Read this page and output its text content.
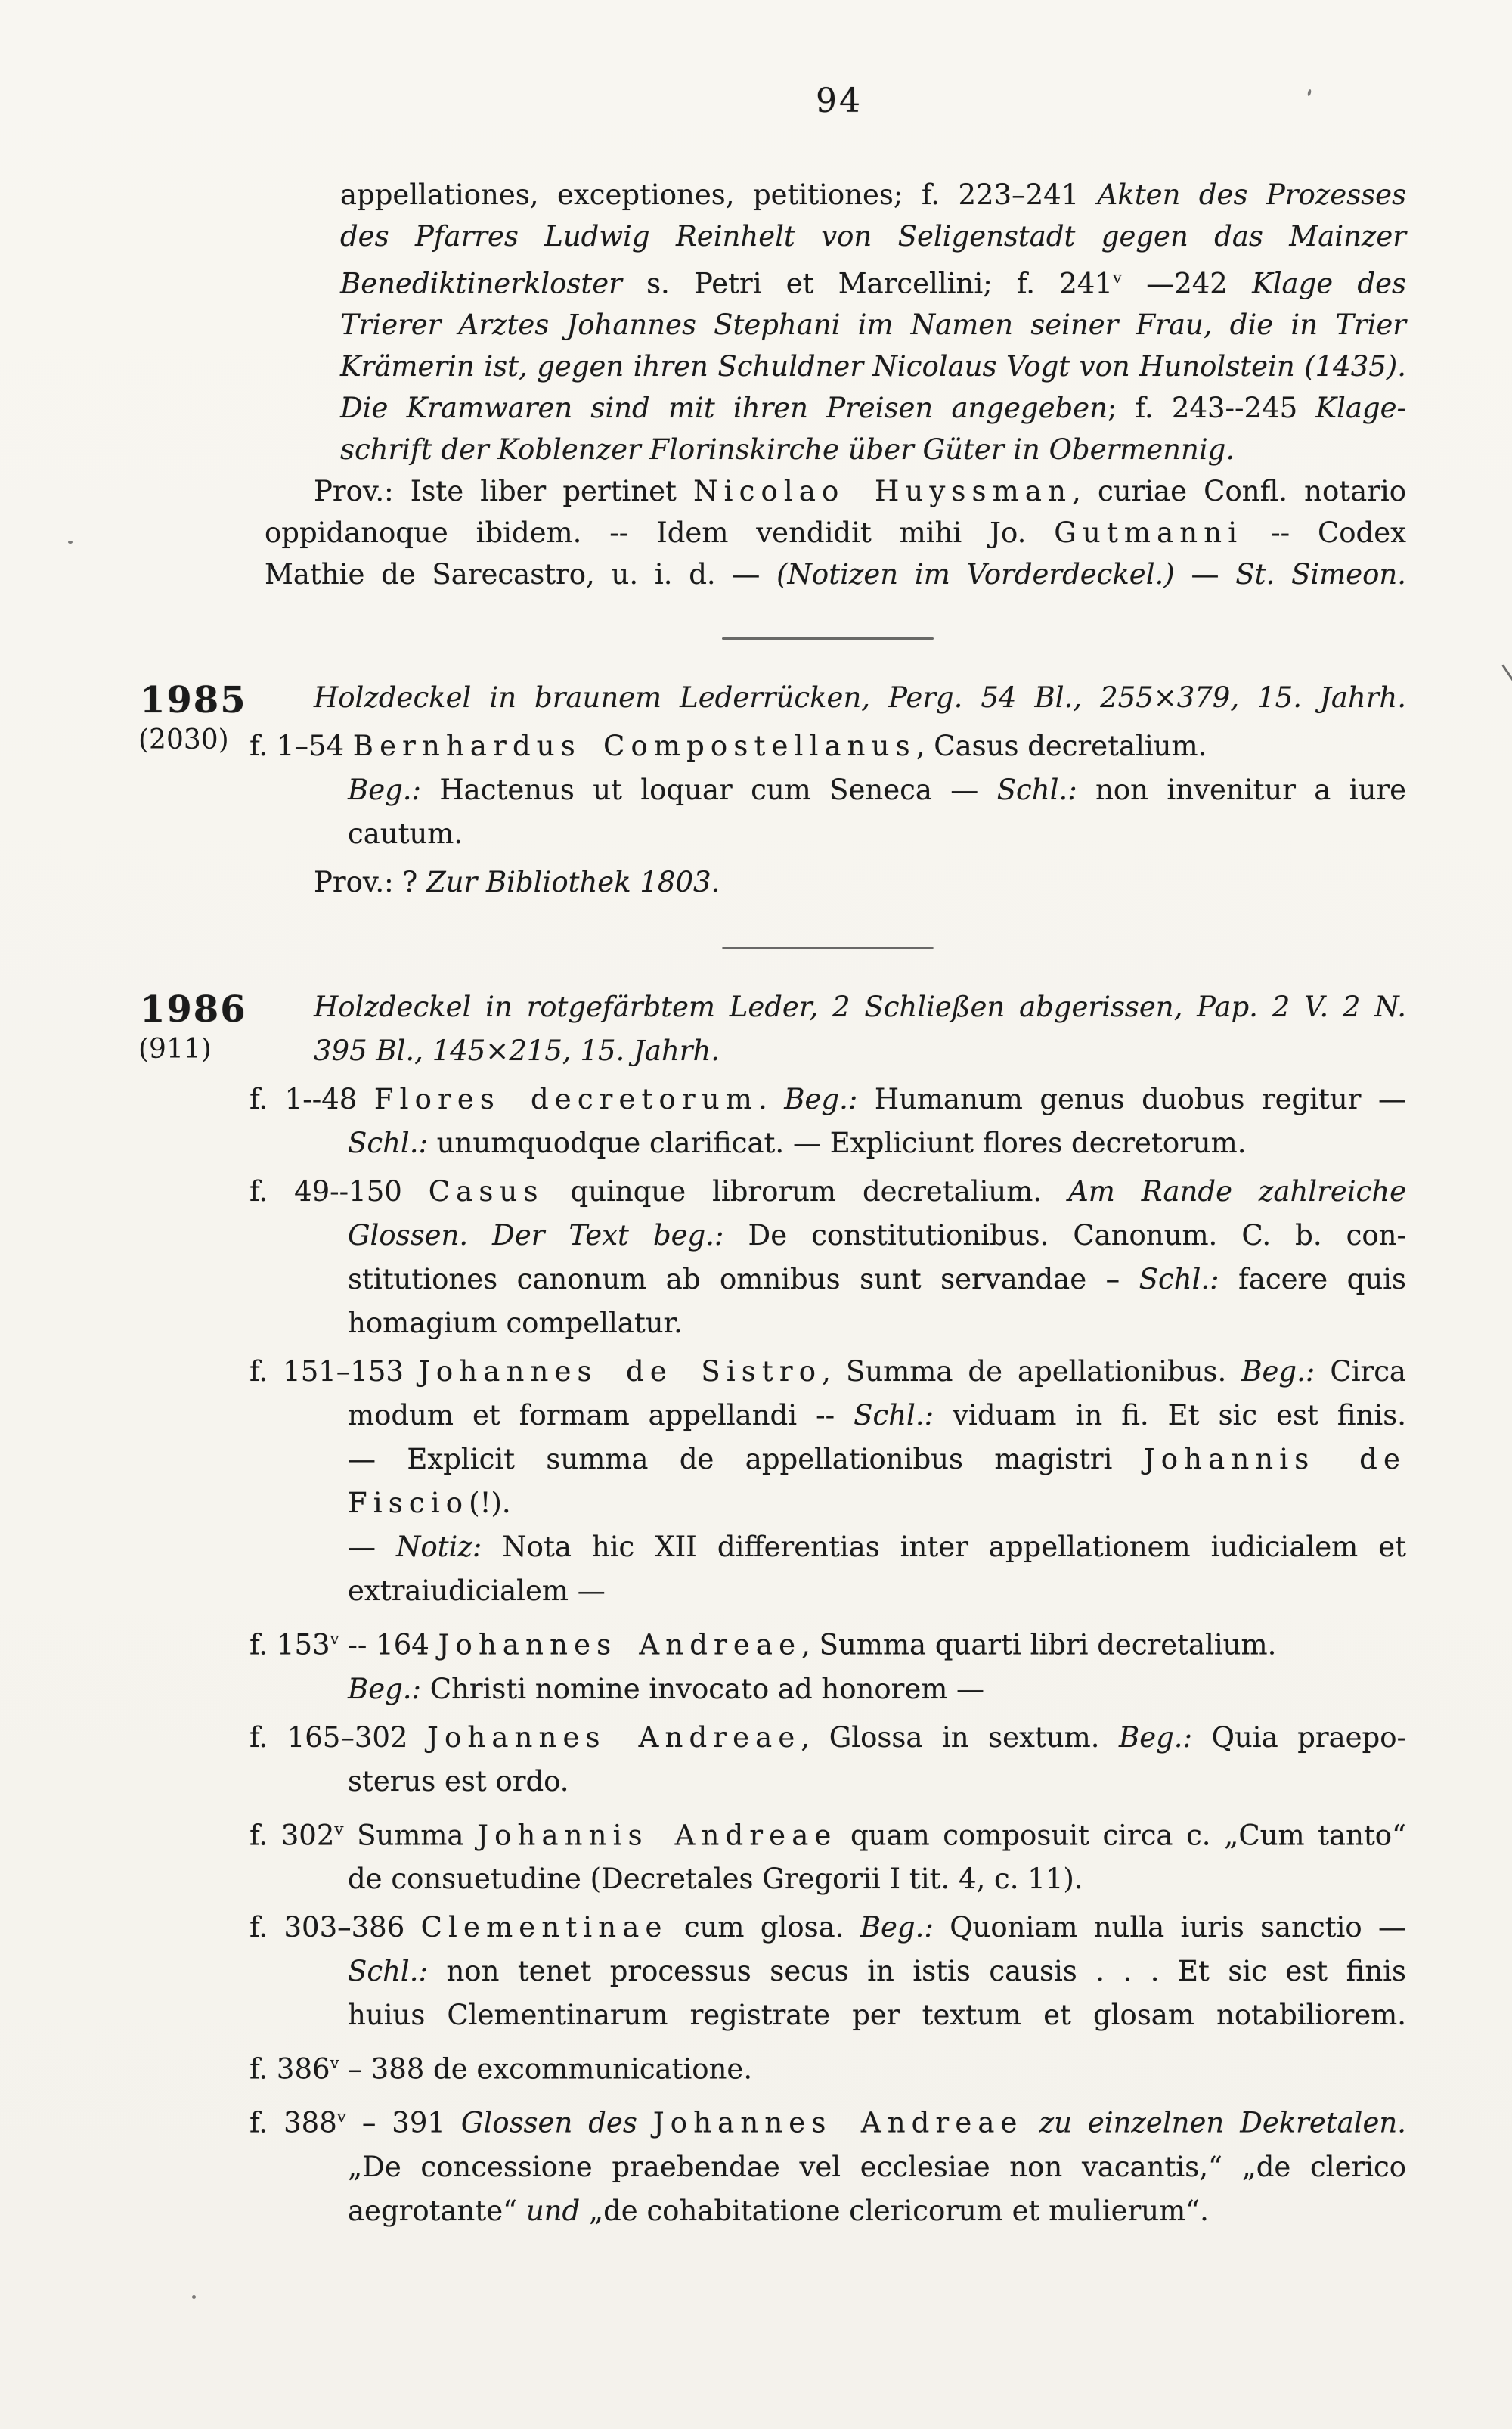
94
appellationes, exceptiones, petitiones; f. 223–241 Akten des Prozesses
des Pfarres Ludwig Reinhelt von Seligenstadt gegen das Mainzer
Benediktinerkloster s. Petri et Marcellini; f. 241$^v$ —242 Klage des
Trierer Arztes Johannes Stephani im Namen seiner Frau, die in Trier
Krämerin ist, gegen ihren Schuldner Nicolaus Vogt von Hunolstein (1435).
Die Kramwaren sind mit ihren Preisen angegeben; f. 243--245 Klage-
schrift der Koblenzer Florinskirche über Güter in Obermennig.
Prov.: Iste liber pertinet Nicolao Huyssman, curiae Confl. notario
oppidanoque ibidem. -- Idem vendidit mihi Jo. Gutmanni -- Codex
Mathie de Sarecastro, u. i. d. — (Notizen im Vorderdeckel.) — St. Simeon.
1985
(2030)
Holzdeckel in braunem Lederrücken, Perg. 54 Bl., 255×379, 15. Jahrh.
f. 1–54 Bernhardus Compostellanus, Casus decretalium.
Beg.: Hactenus ut loquar cum Seneca — Schl.: non invenitur a iure
cautum.
Prov.: ? Zur Bibliothek 1803.
1986
(911)
Holzdeckel in rotgefärbtem Leder, 2 Schließen abgerissen, Pap. 2 V. 2 N.
395 Bl., 145×215, 15. Jahrh.
f. 1--48 Flores decretorum. Beg.: Humanum genus duobus regitur —
Schl.: unumquodque clarificat. — Expliciunt flores decretorum.
f. 49--150 Casus quinque librorum decretalium. Am Rande zahlreiche
Glossen. Der Text beg.: De constitutionibus. Canonum. C. b. con-
stitutiones canonum ab omnibus sunt servandae – Schl.: facere quis
homagium compellatur.
f. 151–153 Johannes de Sistro, Summa de apellationibus. Beg.: Circa
modum et formam appellandi -- Schl.: viduam in fi. Et sic est finis.
— Explicit summa de appellationibus magistri Johannis de Fiscio(!).
— Notiz: Nota hic XII differentias inter appellationem iudicialem et
extraiudicialem —
f. 153$^v$ -- 164 Johannes Andreae, Summa quarti libri decretalium.
Beg.: Christi nomine invocato ad honorem —
f. 165–302 Johannes Andreae, Glossa in sextum. Beg.: Quia praepo-
sterus est ordo.
f. 302$^v$ Summa Johannis Andreae quam composuit circa c. „Cum tanto“
de consuetudine (Decretales Gregorii I tit. 4, c. 11).
f. 303–386 Clementinae cum glosa. Beg.: Quoniam nulla iuris sanctio —
Schl.: non tenet processus secus in istis causis . . . Et sic est finis
huius Clementinarum registrate per textum et glosam notabiliorem.
f. 386$^v$ – 388 de excommunicatione.
f. 388$^v$ – 391 Glossen des Johannes Andreae zu einzelnen Dekretalen.
„De concessione praebendae vel ecclesiae non vacantis,“ „de clerico
aegrotante“ und „de cohabitatione clericorum et mulierum“.
